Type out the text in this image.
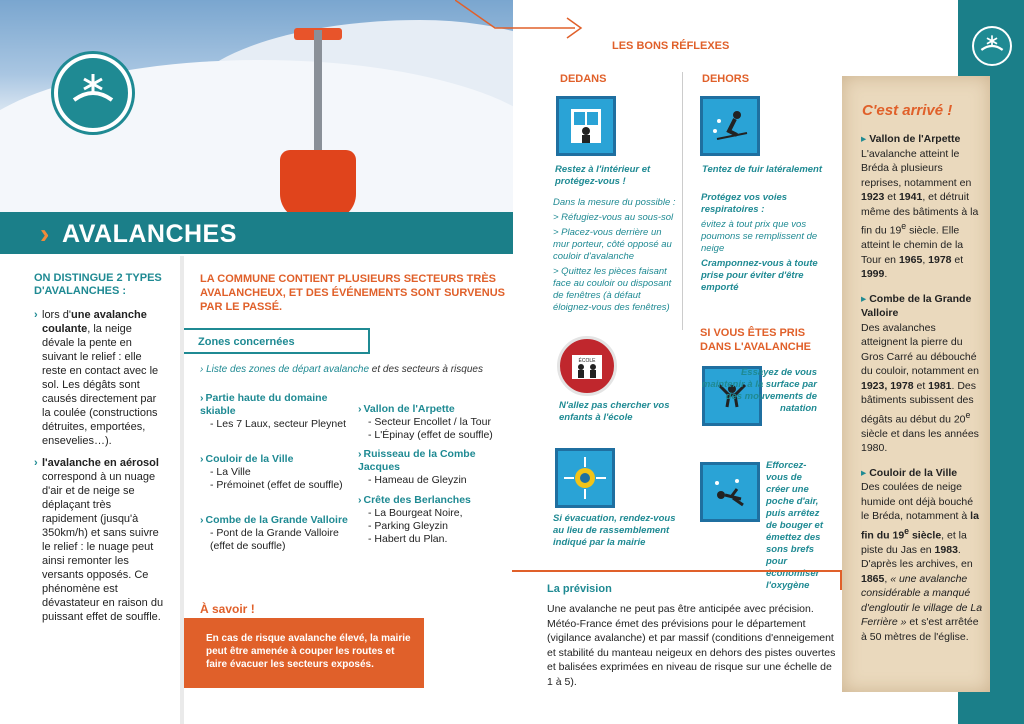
› AVALANCHES
ON DISTINGUE 2 TYPES D'AVALANCHES :
› lors d'une avalanche coulante, la neige dévale la pente en suivant le relief : elle reste en contact avec le sol. Les dégâts sont causés directement par la coulée (constructions détruites, emportées, ensevelies…).
› l'avalanche en aérosol correspond à un nuage d'air et de neige se déplaçant très rapidement (jusqu'à 350km/h) et sans suivre le relief : le nuage peut ainsi remonter les versants opposés. Ce phénomène est dévastateur en raison du puissant effet de souffle.
LA COMMUNE CONTIENT PLUSIEURS SECTEURS TRÈS AVALANCHEUX, ET DES ÉVÉNEMENTS SONT SURVENUS PAR LE PASSÉ.
Zones concernées
› Liste des zones de départ avalanche et des secteurs à risques
› Partie haute du domaine skiable
- Les 7 Laux, secteur Pleynet
› Couloir de la Ville
- La Ville
- Prémoinet (effet de souffle)
› Combe de la Grande Valloire
- Pont de la Grande Valloire (effet de souffle)
› Vallon de l'Arpette
- Secteur Encollet / la Tour
- L'Épinay (effet de souffle)
› Ruisseau de la Combe Jacques
- Hameau de Gleyzin
› Crête des Berlanches
- La Bourgeat Noire,
- Parking Gleyzin
- Habert du Plan.
À savoir !
En cas de risque avalanche élevé, la mairie peut être amenée à couper les routes et faire évacuer les secteurs exposés.
LES BONS RÉFLEXES
DEDANS	DEHORS
Restez à l'intérieur et protégez-vous !

Dans la mesure du possible :

> Réfugiez-vous au sous-sol

> Placez-vous derrière un mur porteur, côté opposé au couloir d'avalanche

> Quittez les pièces faisant face au couloir ou disposant de fenêtres (à défaut éloignez-vous des fenêtres)

ÉCOLE
N'allez pas chercher vos enfants à l'école
Si évacuation, rendez-vous au lieu de rassemblement indiqué par la mairie
Tentez de fuir latéralement

Protégez vos voies respiratoires :

évitez à tout prix que vos poumons se remplissent de neige

Cramponnez-vous à toute prise pour éviter d'être emporté

SI VOUS ÊTES PRIS DANS L'AVALANCHE
Essayez de vous maintenir à la surface par des mouvements de natation
Efforcez-vous de créer une poche d'air, puis arrêtez de bouger et émettez des sons brefs pour économiser l'oxygène
La prévision
Une avalanche ne peut pas être anticipée avec précision. Météo-France émet des prévisions pour le département (vigilance avalanche) et par massif (conditions d'enneigement et stabilité du manteau neigeux en dehors des pistes ouvertes et balisées exprimées en niveau de risque sur une échelle de 1 à 5).
C'est arrivé !
▸ Vallon de l'Arpette
L'avalanche atteint le Bréda à plusieurs reprises, notamment en 1923 et 1941, et détruit même des bâtiments à la fin du 19e siècle. Elle atteint le chemin de la Tour en 1965, 1978 et 1999.
▸ Combe de la Grande Valloire
Des avalanches atteignent la pierre du Gros Carré au débouché du couloir, notamment en 1923, 1978 et 1981. Des bâtiments subissent des dégâts au début du 20e siècle et dans les années 1980.
▸ Couloir de la Ville
Des coulées de neige humide ont déjà bouché le Bréda, notamment à la fin du 19e siècle, et la piste du Jas en 1983. D'après les archives, en 1865, « une avalanche considérable a manqué d'engloutir le village de La Ferrière » et s'est arrêtée à 50 mètres de l'église.
